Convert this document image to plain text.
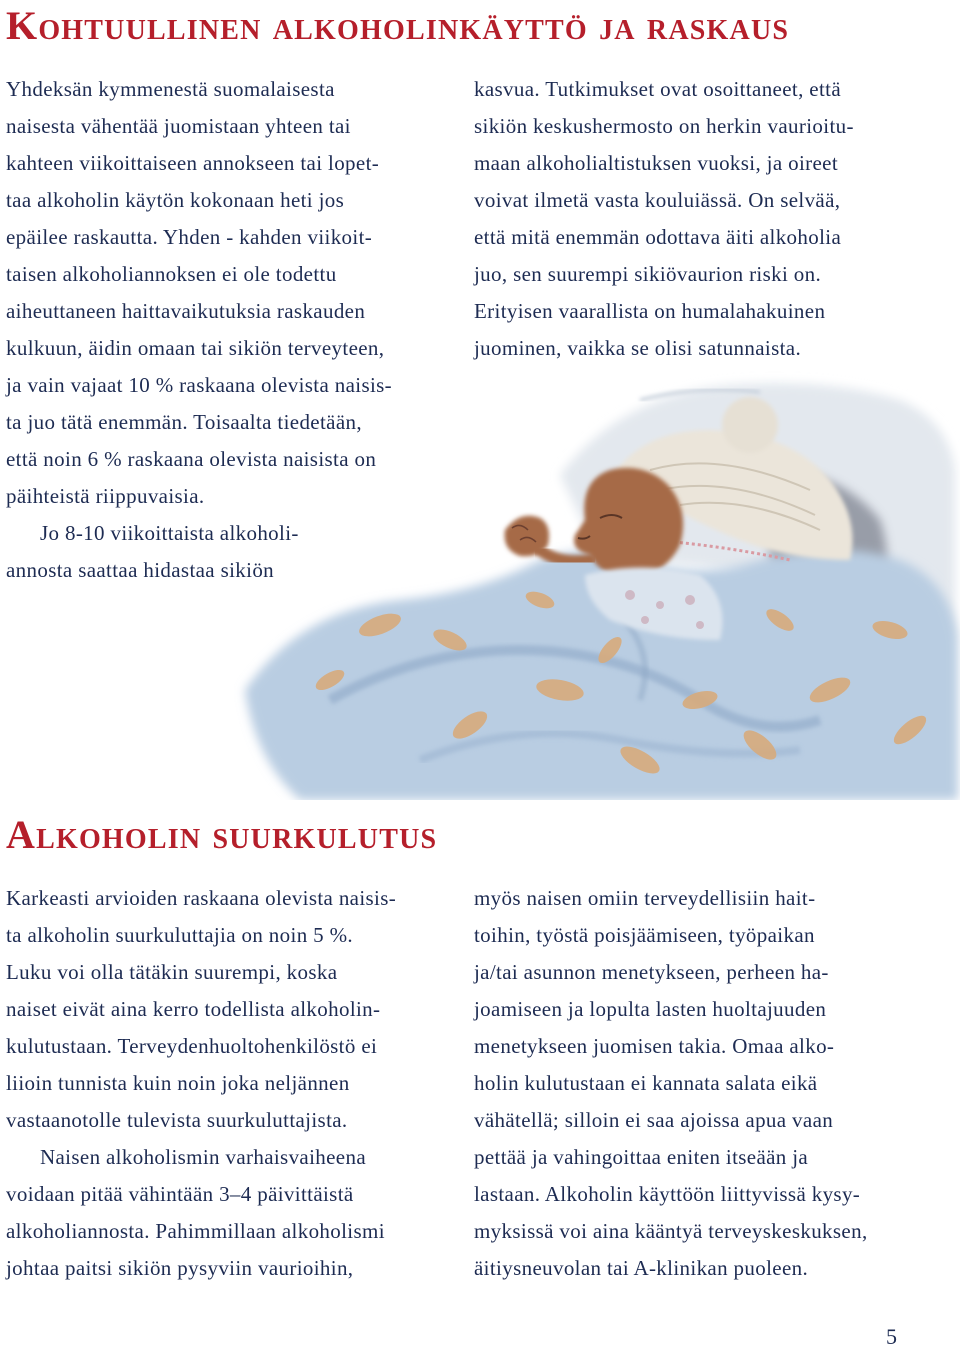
Kohtuullinen alkoholinkäyttö ja raskaus

Yhdeksän kymmenestä suomalaisesta
naisesta vähentää juomistaan yhteen tai
kahteen viikoittaiseen annokseen tai lopet-
taa alkoholin käytön kokonaan heti jos
epäilee raskautta. Yhden - kahden viikoit-
taisen alkoholiannoksen ei ole todettu
aiheuttaneen haittavaikutuksia raskauden
kulkuun, äidin omaan tai sikiön terveyteen,
ja vain vajaat 10 % raskaana olevista naisis-
ta juo tätä enemmän. Toisaalta tiedetään,
että noin 6 % raskaana olevista naisista on
päihteistä riippuvaisia.

Jo 8-10 viikoittaista alkoholi-
annosta saattaa hidastaa sikiön

kasvua. Tutkimukset ovat osoittaneet, että
sikiön keskushermosto on herkin vaurioitu-
maan alkoholialtistuksen vuoksi, ja oireet
voivat ilmetä vasta kouluiässä. On selvää,
että mitä enemmän odottava äiti alkoholia
juo, sen suurempi sikiövaurion riski on.
Erityisen vaarallista on humalahakuinen
juominen, vaikka se olisi satunnaista.

Alkoholin suurkulutus

Karkeasti arvioiden raskaana olevista naisis-
ta alkoholin suurkuluttajia on noin 5 %.
Luku voi olla tätäkin suurempi, koska
naiset eivät aina kerro todellista alkoholin-
kulutustaan. Terveydenhuoltohenkilöstö ei
liioin tunnista kuin noin joka neljännen
vastaanotolle tulevista suurkuluttajista.

Naisen alkoholismin varhaisvaiheena
voidaan pitää vähintään 3–4 päivittäistä
alkoholiannosta. Pahimmillaan alkoholismi
johtaa paitsi sikiön pysyviin vaurioihin,

myös naisen omiin terveydellisiin hait-
toihin, työstä poisjäämiseen, työpaikan
ja/tai asunnon menetykseen, perheen ha-
joamiseen ja lopulta lasten huoltajuuden
menetykseen juomisen takia. Omaa alko-
holin kulutustaan ei kannata salata eikä
vähätellä; silloin ei saa ajoissa apua vaan
pettää ja vahingoittaa eniten itseään ja
lastaan. Alkoholin käyttöön liittyvissä kysy-
myksissä voi aina kääntyä terveyskeskuksen,
äitiysneuvolan tai A-klinikan puoleen.

5
